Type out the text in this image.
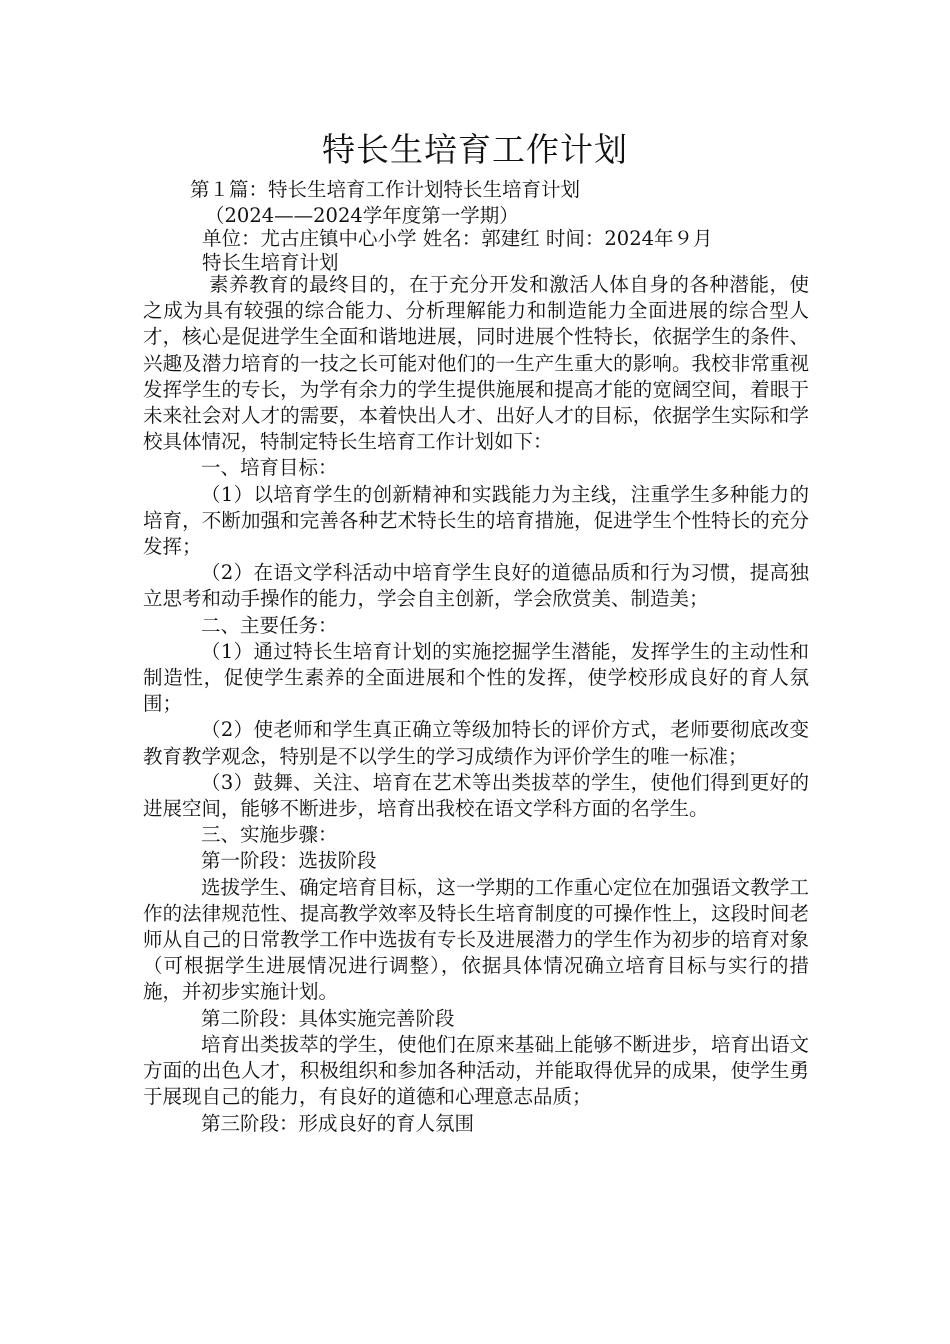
特长生培育工作计划
第１篇：特长生培育工作计划特长生培育计划
（2024——2024学年度第一学期）
单位：尤古庄镇中心小学 姓名：郭建红 时间：2024年９月
特长生培育计划

素养教育的最终目的，在于充分开发和激活人体自身的各种潜能，使之成为具有较强的综合能力、分析理解能力和制造能力全面进展的综合型人才，核心是促进学生全面和谐地进展，同时进展个性特长，依据学生的条件、兴趣及潜力培育的一技之长可能对他们的一生产生重大的影响。我校非常重视发挥学生的专长，为学有余力的学生提供施展和提高才能的宽阔空间，着眼于未来社会对人才的需要，本着快出人才、出好人才的目标，依据学生实际和学校具体情况，特制定特长生培育工作计划如下：

一、培育目标：

（1）以培育学生的创新精神和实践能力为主线，注重学生多种能力的培育，不断加强和完善各种艺术特长生的培育措施，促进学生个性特长的充分发挥；

（2）在语文学科活动中培育学生良好的道德品质和行为习惯，提高独立思考和动手操作的能力，学会自主创新，学会欣赏美、制造美；

二、主要任务：

（1）通过特长生培育计划的实施挖掘学生潜能，发挥学生的主动性和制造性，促使学生素养的全面进展和个性的发挥，使学校形成良好的育人氛围；

（2）使老师和学生真正确立等级加特长的评价方式，老师要彻底改变教育教学观念，特别是不以学生的学习成绩作为评价学生的唯一标准；

（3）鼓舞、关注、培育在艺术等出类拔萃的学生，使他们得到更好的进展空间，能够不断进步，培育出我校在语文学科方面的名学生。

三、实施步骤：

第一阶段：选拔阶段

选拔学生、确定培育目标，这一学期的工作重心定位在加强语文教学工作的法律规范性、提高教学效率及特长生培育制度的可操作性上，这段时间老师从自己的日常教学工作中选拔有专长及进展潜力的学生作为初步的培育对象（可根据学生进展情况进行调整），依据具体情况确立培育目标与实行的措施，并初步实施计划。

第二阶段：具体实施完善阶段

培育出类拔萃的学生，使他们在原来基础上能够不断进步，培育出语文方面的出色人才，积极组织和参加各种活动，并能取得优异的成果，使学生勇于展现自己的能力，有良好的道德和心理意志品质；

第三阶段：形成良好的育人氛围
